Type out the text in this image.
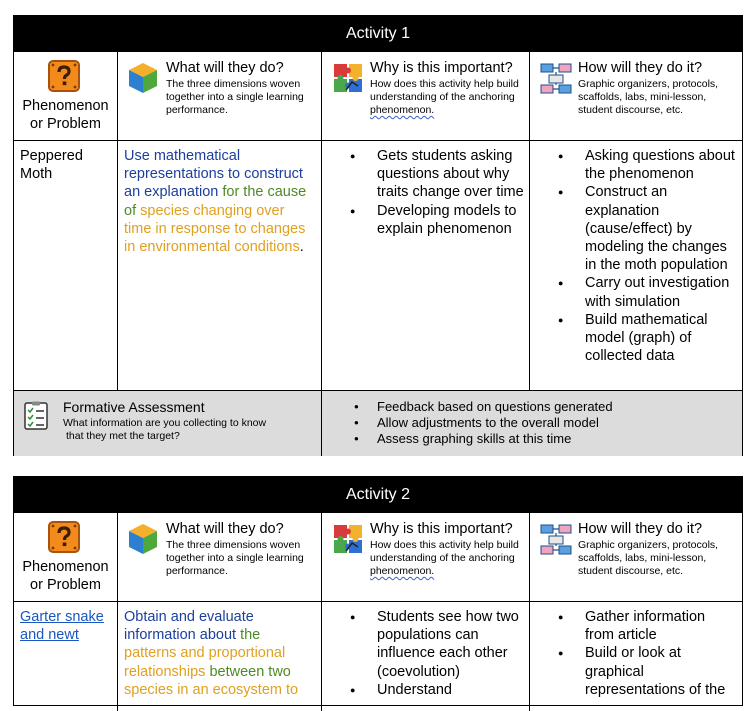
Activity 1
Phenomenon
or Problem
What will they do?
The three dimensions woven together into a single learning performance.
Why is this important?
How does this activity help build understanding of the anchoring phenomenon.
How will they do it?
Graphic organizers, protocols, scaffolds, labs, mini-lesson, student discourse, etc.
Peppered Moth
Use mathematical representations to construct an explanation for the cause of species changing over time in response to changes in environmental conditions.
● Gets students asking questions about why traits change over time
● Developing models to explain phenomenon
● Asking questions about the phenomenon
● Construct an explanation (cause/effect) by modeling the changes in the moth population
● Carry out investigation with simulation
● Build mathematical model (graph) of collected data
Formative Assessment
What information are you collecting to know
that they met the target?
● Feedback based on questions generated
● Allow adjustments to the overall model
● Assess graphing skills at this time
Activity 2
Phenomenon
or Problem
What will they do?
The three dimensions woven together into a single learning performance.
Why is this important?
How does this activity help build understanding of the anchoring phenomenon.
How will they do it?
Graphic organizers, protocols, scaffolds, labs, mini-lesson, student discourse, etc.
Garter snake and newt
Obtain and evaluate information about the patterns and proportional relationships between two species in an ecosystem to
● Students see how two populations can influence each other (coevolution)
● Understand
● Gather information from article
● Build or look at graphical representations of the
